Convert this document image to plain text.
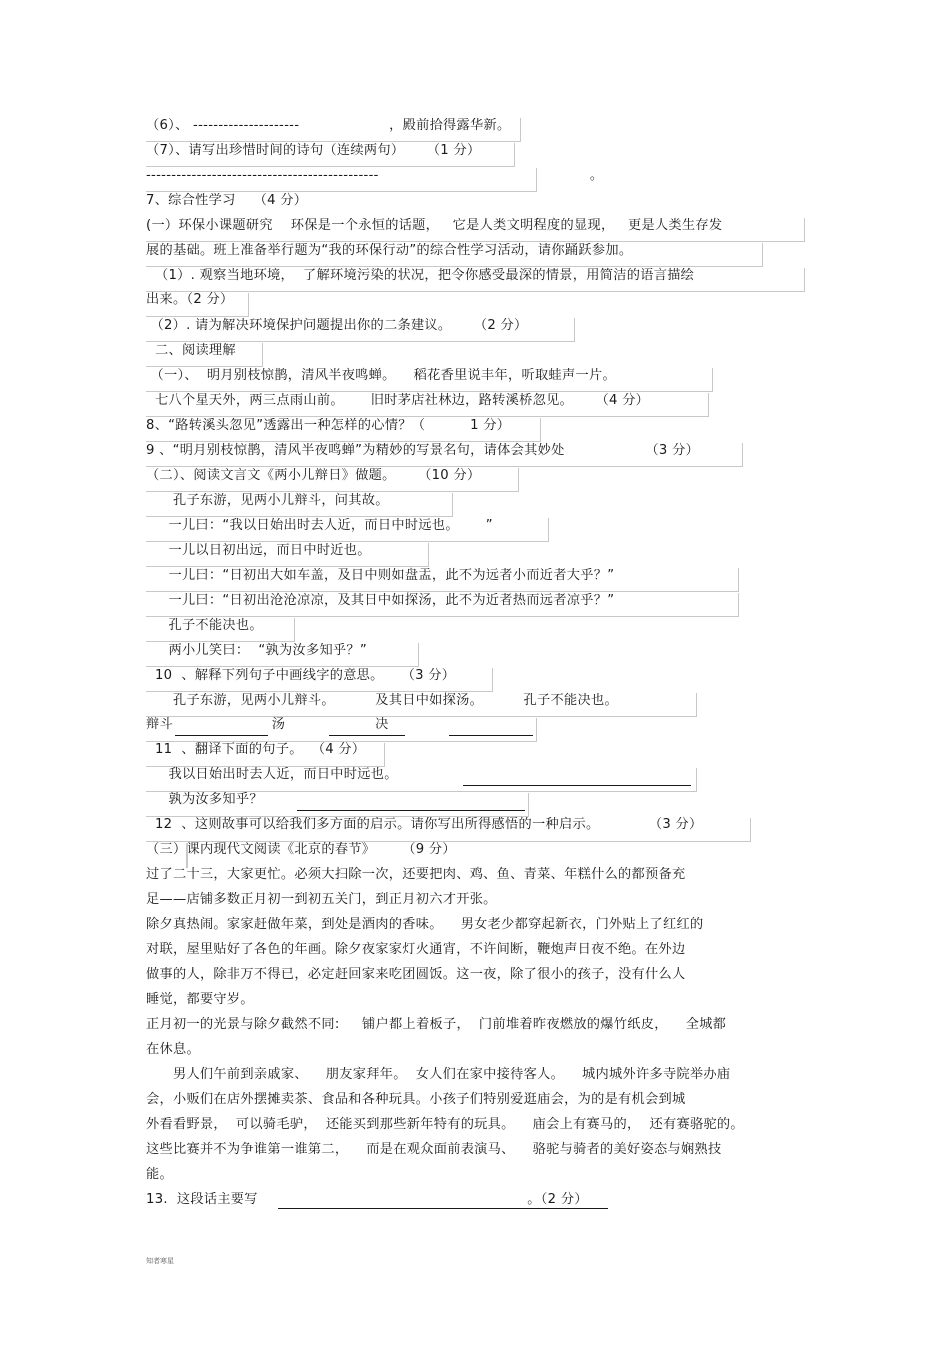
（6）、 ---------------------                    ，殿前拾得露华新。
（7）、请写出珍惜时间的诗句（连续两句）     （1 分）
----------------------------------------------                                               。
7、综合性学习    （4 分）
(一）环保小课题研究    环保是一个永恒的话题，   它是人类文明程度的显现，   更是人类生存发
展的基础。班上准备举行题为“我的环保行动”的综合性学习活动，请你踊跃参加。
（1）. 观察当地环境，  了解环境污染的状况，把令你感受最深的情景，用简洁的语言描绘
出来。（2 分）
（2）. 请为解决环境保护问题提出你的二条建议。     （2 分）
二、阅读理解
（一）、  明月别枝惊鹊，清风半夜鸣蝉。    稻花香里说丰年，听取蛙声一片。
七八个星天外，两三点雨山前。      旧时茅店社林边，路转溪桥忽见。     （4 分）
8、“路转溪头忽见”透露出一种怎样的心情？（          1 分）
9 、“明月别枝惊鹊，清风半夜鸣蝉”为精妙的写景名句，请体会其妙处                  （3 分）
（二）、阅读文言文《两小儿辩日》做题。     （10 分）
孔子东游，见两小儿辩斗，问其故。
一儿曰：“我以日始出时去人近，而日中时远也。      ”
一儿以日初出远，而日中时近也。
一儿曰：“日初出大如车盖，及日中则如盘盂，此不为远者小而近者大乎？”
一儿曰：“日初出沧沧凉凉，及其日中如探汤，此不为近者热而远者凉乎？”
孔子不能决也。
两小儿笑曰：  “孰为汝多知乎？”
10  、解释下列句子中画线字的意思。    （3 分）
孔子东游，见两小儿辩斗。         及其日中如探汤。         孔子不能决也。
辩斗                      汤                    决
11  、翻译下面的句子。  （4 分）
我以日始出时去人近，而日中时远也。
孰为汝多知乎？
12  、这则故事可以给我们多方面的启示。请你写出所得感悟的一种启示。           （3 分）
（三）课内现代文阅读《北京的春节》      （9 分）
过了二十三，大家更忙。必须大扫除一次，还要把肉、鸡、鱼、青菜、年糕什么的都预备充
足——店铺多数正月初一到初五关门，到正月初六才开张。
除夕真热闹。家家赶做年菜，到处是酒肉的香味。    男女老少都穿起新衣，门外贴上了红红的
对联，屋里贴好了各色的年画。除夕夜家家灯火通宵，不许间断，鞭炮声日夜不绝。在外边
做事的人，除非万不得已，必定赶回家来吃团圆饭。这一夜，除了很小的孩子，没有什么人
睡觉，都要守岁。
正月初一的光景与除夕截然不同:     铺户都上着板子，  门前堆着昨夜燃放的爆竹纸皮，    全城都
在休息。
男人们午前到亲戚家、    朋友家拜年。  女人们在家中接待客人。    城内城外许多寺院举办庙
会，小贩们在店外摆摊卖茶、食品和各种玩具。小孩子们特别爱逛庙会，为的是有机会到城
外看看野景，  可以骑毛驴，  还能买到那些新年特有的玩具。    庙会上有赛马的，  还有赛骆驼的。
这些比赛并不为争谁第一谁第二，    而是在观众面前表演马、    骆驼与骑者的美好姿态与娴熟技
能。
13.  这段话主要写                                                            。（2 分）
知者寒星
